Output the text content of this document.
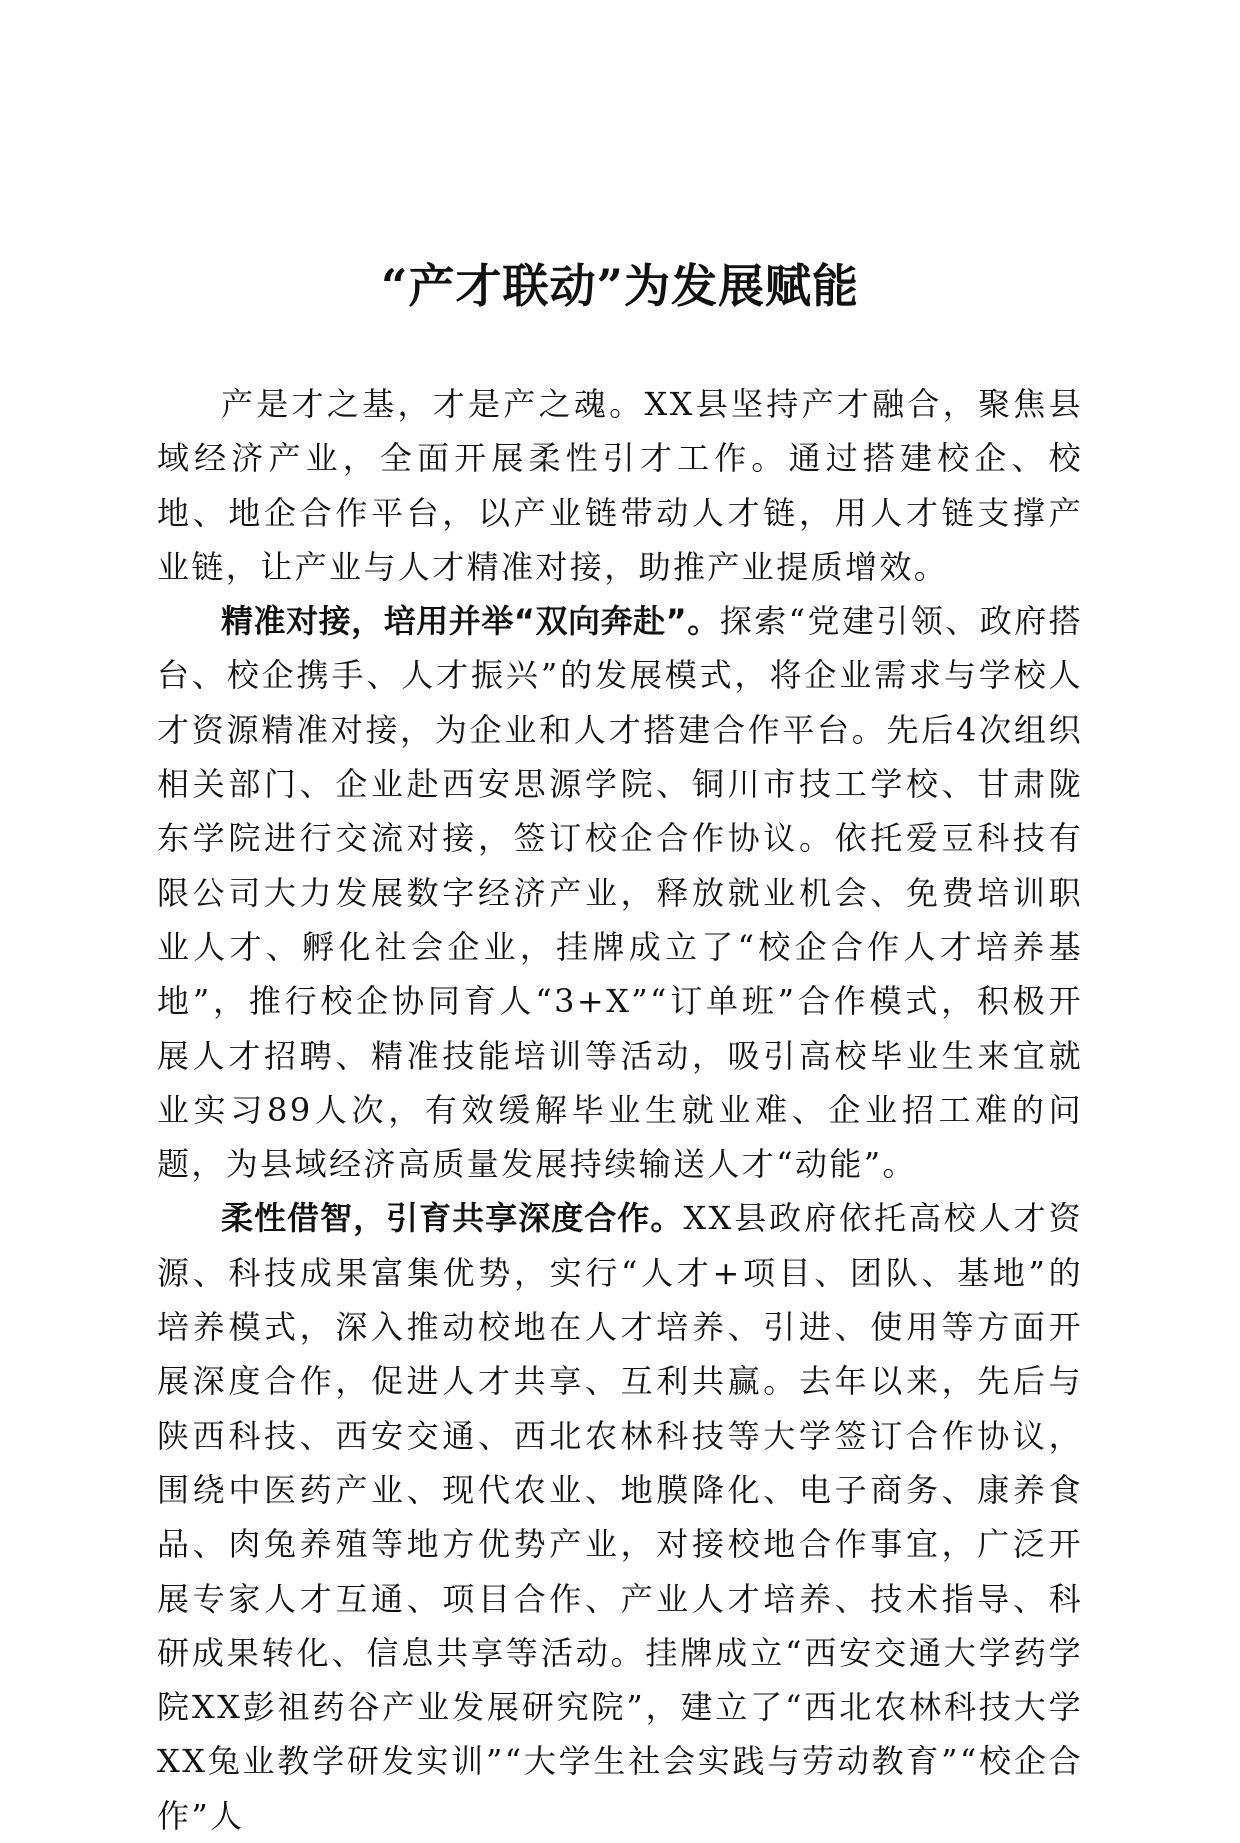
“产才联动”为发展赋能

产是才之基，才是产之魂。XX县坚持产才融合，聚焦县域经济产业，全面开展柔性引才工作。通过搭建校企、校地、地企合作平台，以产业链带动人才链，用人才链支撑产业链，让产业与人才精准对接，助推产业提质增效。

精准对接，培用并举“双向奔赴”。探索“党建引领、政府搭台、校企携手、人才振兴”的发展模式，将企业需求与学校人才资源精准对接，为企业和人才搭建合作平台。先后4次组织相关部门、企业赴西安思源学院、铜川市技工学校、甘肃陇东学院进行交流对接，签订校企合作协议。依托爱豆科技有限公司大力发展数字经济产业，释放就业机会、免费培训职业人才、孵化社会企业，挂牌成立了“校企合作人才培养基地”，推行校企协同育人“3+X”“订单班”合作模式，积极开展人才招聘、精准技能培训等活动，吸引高校毕业生来宜就业实习89人次，有效缓解毕业生就业难、企业招工难的问题，为县域经济高质量发展持续输送人才“动能”。

柔性借智，引育共享深度合作。XX县政府依托高校人才资源、科技成果富集优势，实行“人才+项目、团队、基地”的培养模式，深入推动校地在人才培养、引进、使用等方面开展深度合作，促进人才共享、互利共赢。去年以来，先后与陕西科技、西安交通、西北农林科技等大学签订合作协议，围绕中医药产业、现代农业、地膜降化、电子商务、康养食品、肉兔养殖等地方优势产业，对接校地合作事宜，广泛开展专家人才互通、项目合作、产业人才培养、技术指导、科研成果转化、信息共享等活动。挂牌成立“西安交通大学药学院XX彭祖药谷产业发展研究院”，建立了“西北农林科技大学XX兔业教学研发实训”“大学生社会实践与劳动教育”“校企合作”人
